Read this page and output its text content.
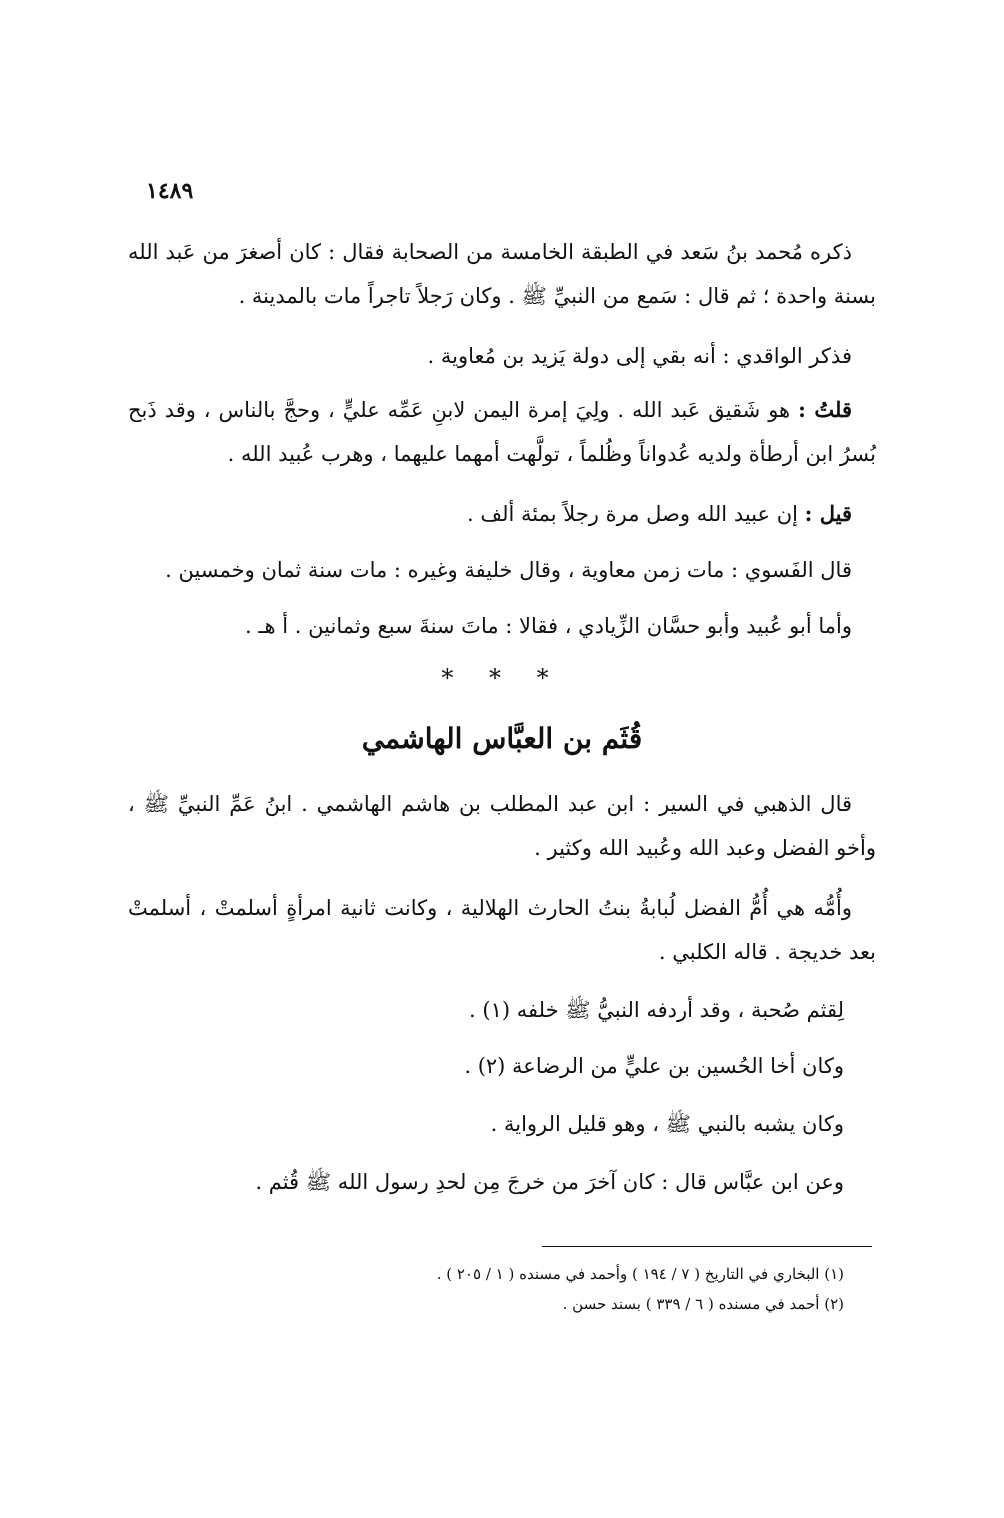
١٤٨٩
ذكره مُحمد بنُ سَعد في الطبقة الخامسة من الصحابة فقال : كان أصغرَ من عَبد الله بسنة واحدة ؛ ثم قال : سَمع من النبيِّ ﷺ . وكان رَجلاً تاجراً مات بالمدينة .
فذكر الواقدي : أنه بقي إلى دولة يَزيد بن مُعاوية .
قلتُ : هو شَقيق عَبد الله . ولِيَ إمرة اليمن لابنِ عَمِّه عليٍّ ، وحجَّ بالناس ، وقد ذَبح بُسرُ ابن أرطأة ولديه عُدواناً وظُلماً ، تولَّهت أمهما عليهما ، وهرب عُبيد الله .
قيل : إن عبيد الله وصل مرة رجلاً بمئة ألف .
قال الفَسوي : مات زمن معاوية ، وقال خليفة وغيره : مات سنة ثمان وخمسين .
وأما أبو عُبيد وأبو حسَّان الزِّيادي ، فقالا : ماتَ سنةَ سبع وثمانين . أ هـ .
* * *
قُثَم بن العبَّاس الهاشمي
قال الذهبي في السير : ابن عبد المطلب بن هاشم الهاشمي . ابنُ عَمِّ النبيِّ ﷺ ، وأخو الفضل وعبد الله وعُبيد الله وكثير .
وأُمُّه هي أُمُّ الفضل لُبابةُ بنتُ الحارث الهلالية ، وكانت ثانية امرأةٍ أسلمتْ ، أسلمتْ بعد خديجة . قاله الكلبي .
لِقثم صُحبة ، وقد أردفه النبيُّ ﷺ خلفه (١) .
وكان أخا الحُسين بن عليٍّ من الرضاعة (٢) .
وكان يشبه بالنبي ﷺ ، وهو قليل الرواية .
وعن ابن عبَّاس قال : كان آخرَ من خرجَ مِن لحدِ رسول الله ﷺ قُثم .
(١) البخاري في التاريخ ( ٧ / ١٩٤ ) وأحمد في مسنده ( ١ / ٢٠٥ ) .
(٢) أحمد في مسنده ( ٦ / ٣٣٩ ) بسند حسن .
